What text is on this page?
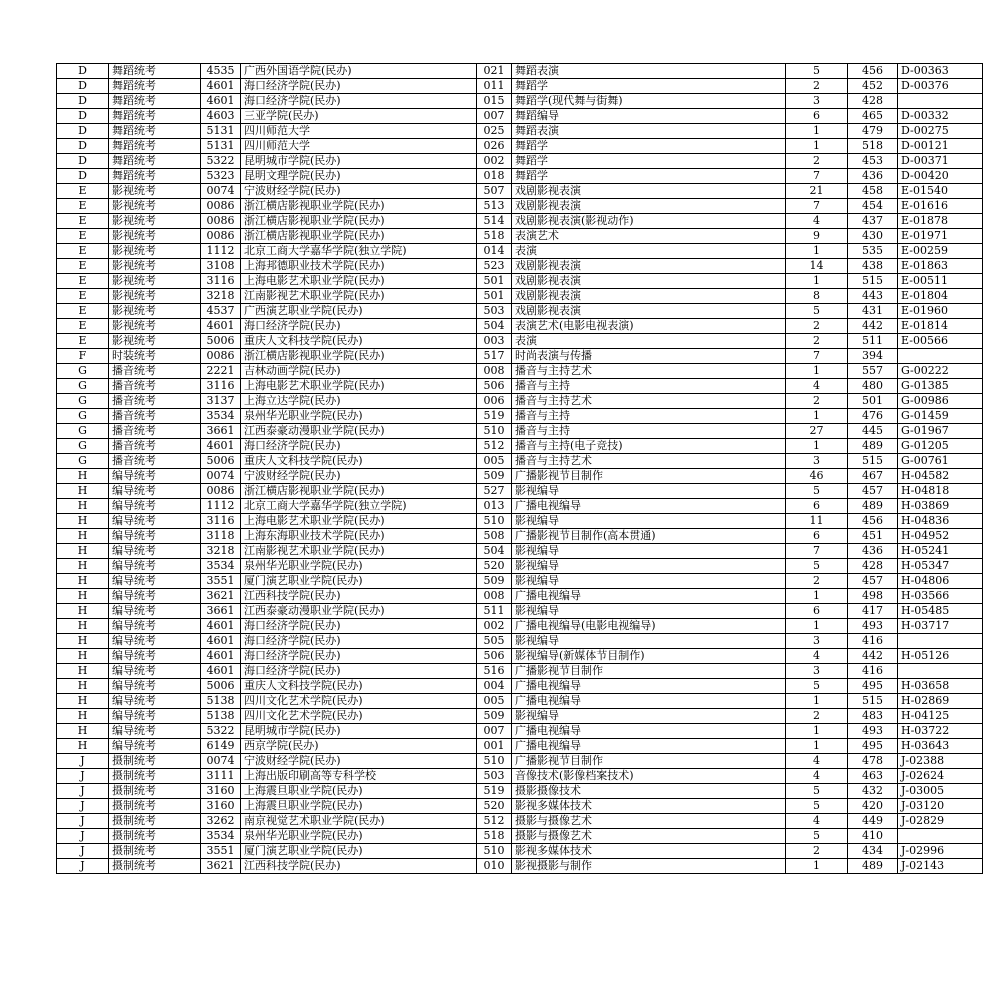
D	舞蹈统考	4535	广西外国语学院(民办)	021	舞蹈表演	5	456	D-00363
D	舞蹈统考	4601	海口经济学院(民办)	011	舞蹈学	2	452	D-00376
D	舞蹈统考	4601	海口经济学院(民办)	015	舞蹈学(现代舞与街舞)	3	428	
D	舞蹈统考	4603	三亚学院(民办)	007	舞蹈编导	6	465	D-00332
D	舞蹈统考	5131	四川师范大学	025	舞蹈表演	1	479	D-00275
D	舞蹈统考	5131	四川师范大学	026	舞蹈学	1	518	D-00121
D	舞蹈统考	5322	昆明城市学院(民办)	002	舞蹈学	2	453	D-00371
D	舞蹈统考	5323	昆明文理学院(民办)	018	舞蹈学	7	436	D-00420
E	影视统考	0074	宁波财经学院(民办)	507	戏剧影视表演	21	458	E-01540
E	影视统考	0086	浙江横店影视职业学院(民办)	513	戏剧影视表演	7	454	E-01616
E	影视统考	0086	浙江横店影视职业学院(民办)	514	戏剧影视表演(影视动作)	4	437	E-01878
E	影视统考	0086	浙江横店影视职业学院(民办)	518	表演艺术	9	430	E-01971
E	影视统考	1112	北京工商大学嘉华学院(独立学院)	014	表演	1	535	E-00259
E	影视统考	3108	上海邦德职业技术学院(民办)	523	戏剧影视表演	14	438	E-01863
E	影视统考	3116	上海电影艺术职业学院(民办)	501	戏剧影视表演	1	515	E-00511
E	影视统考	3218	江南影视艺术职业学院(民办)	501	戏剧影视表演	8	443	E-01804
E	影视统考	4537	广西演艺职业学院(民办)	503	戏剧影视表演	5	431	E-01960
E	影视统考	4601	海口经济学院(民办)	504	表演艺术(电影电视表演)	2	442	E-01814
E	影视统考	5006	重庆人文科技学院(民办)	003	表演	2	511	E-00566
F	时装统考	0086	浙江横店影视职业学院(民办)	517	时尚表演与传播	7	394	
G	播音统考	2221	吉林动画学院(民办)	008	播音与主持艺术	1	557	G-00222
G	播音统考	3116	上海电影艺术职业学院(民办)	506	播音与主持	4	480	G-01385
G	播音统考	3137	上海立达学院(民办)	006	播音与主持艺术	2	501	G-00986
G	播音统考	3534	泉州华光职业学院(民办)	519	播音与主持	1	476	G-01459
G	播音统考	3661	江西泰豪动漫职业学院(民办)	510	播音与主持	27	445	G-01967
G	播音统考	4601	海口经济学院(民办)	512	播音与主持(电子竞技)	1	489	G-01205
G	播音统考	5006	重庆人文科技学院(民办)	005	播音与主持艺术	3	515	G-00761
H	编导统考	0074	宁波财经学院(民办)	509	广播影视节目制作	46	467	H-04582
H	编导统考	0086	浙江横店影视职业学院(民办)	527	影视编导	5	457	H-04818
H	编导统考	1112	北京工商大学嘉华学院(独立学院)	013	广播电视编导	6	489	H-03869
H	编导统考	3116	上海电影艺术职业学院(民办)	510	影视编导	11	456	H-04836
H	编导统考	3118	上海东海职业技术学院(民办)	508	广播影视节目制作(高本贯通)	6	451	H-04952
H	编导统考	3218	江南影视艺术职业学院(民办)	504	影视编导	7	436	H-05241
H	编导统考	3534	泉州华光职业学院(民办)	520	影视编导	5	428	H-05347
H	编导统考	3551	厦门演艺职业学院(民办)	509	影视编导	2	457	H-04806
H	编导统考	3621	江西科技学院(民办)	008	广播电视编导	1	498	H-03566
H	编导统考	3661	江西泰豪动漫职业学院(民办)	511	影视编导	6	417	H-05485
H	编导统考	4601	海口经济学院(民办)	002	广播电视编导(电影电视编导)	1	493	H-03717
H	编导统考	4601	海口经济学院(民办)	505	影视编导	3	416	
H	编导统考	4601	海口经济学院(民办)	506	影视编导(新媒体节目制作)	4	442	H-05126
H	编导统考	4601	海口经济学院(民办)	516	广播影视节目制作	3	416	
H	编导统考	5006	重庆人文科技学院(民办)	004	广播电视编导	5	495	H-03658
H	编导统考	5138	四川文化艺术学院(民办)	005	广播电视编导	1	515	H-02869
H	编导统考	5138	四川文化艺术学院(民办)	509	影视编导	2	483	H-04125
H	编导统考	5322	昆明城市学院(民办)	007	广播电视编导	1	493	H-03722
H	编导统考	6149	西京学院(民办)	001	广播电视编导	1	495	H-03643
J	摄制统考	0074	宁波财经学院(民办)	510	广播影视节目制作	4	478	J-02388
J	摄制统考	3111	上海出版印刷高等专科学校	503	音像技术(影像档案技术)	4	463	J-02624
J	摄制统考	3160	上海震旦职业学院(民办)	519	摄影摄像技术	5	432	J-03005
J	摄制统考	3160	上海震旦职业学院(民办)	520	影视多媒体技术	5	420	J-03120
J	摄制统考	3262	南京视觉艺术职业学院(民办)	512	摄影与摄像艺术	4	449	J-02829
J	摄制统考	3534	泉州华光职业学院(民办)	518	摄影与摄像艺术	5	410	
J	摄制统考	3551	厦门演艺职业学院(民办)	510	影视多媒体技术	2	434	J-02996
J	摄制统考	3621	江西科技学院(民办)	010	影视摄影与制作	1	489	J-02143
